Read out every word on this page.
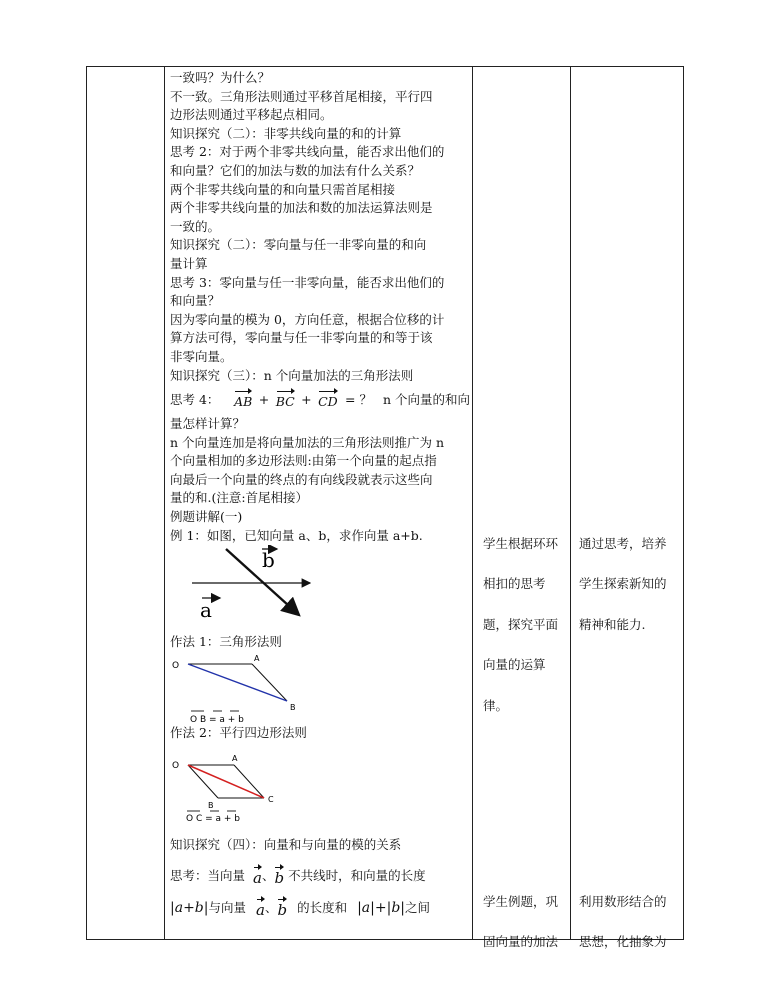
一致吗？为什么？

不一致。三角形法则通过平移首尾相接，平行四

边形法则通过平移起点相同。

知识探究（二）：非零共线向量的和的计算

思考 2：对于两个非零共线向量，能否求出他们的

和向量？它们的加法与数的加法有什么关系？

两个非零共线向量的和向量只需首尾相接

两个非零共线向量的加法和数的加法运算法则是

一致的。

知识探究（二）：零向量与任一非零向量的和向

量计算

思考 3：零向量与任一非零向量，能否求出他们的

和向量？

因为零向量的模为 0，方向任意，根据合位移的计

算方法可得，零向量与任一非零向量的和等于该

非零向量。

知识探究（三）：n 个向量加法的三角形法则

思考 4： AB + BC + CD = ？ n 个向量的和向

量怎样计算？

n 个向量连加是将向量加法的三角形法则推广为 n

个向量相加的多边形法则:由第一个向量的起点指

向最后一个向量的终点的有向线段就表示这些向

量的和.(注意:首尾相接）

例题讲解(一)

例 1：如图，已知向量 a、b，求作向量 a+b.

b
a

作法 1：三角形法则

O
A
B
O B = a + b

作法 2：平行四边形法则

O
A
B
C
O C = a + b

知识探究（四）：向量和与向量的模的关系

思考：当向量 a 、 b 不共线时，和向量的长度
|a+b| 与向量 a 、 b 的长度和 |a|+|b| 之间

学生根据环环

相扣的思考

题，探究平面

向量的运算

律。

学生例题，巩

固向量的加法

通过思考，培养

学生探索新知的

精神和能力.

利用数形结合的

思想，化抽象为
